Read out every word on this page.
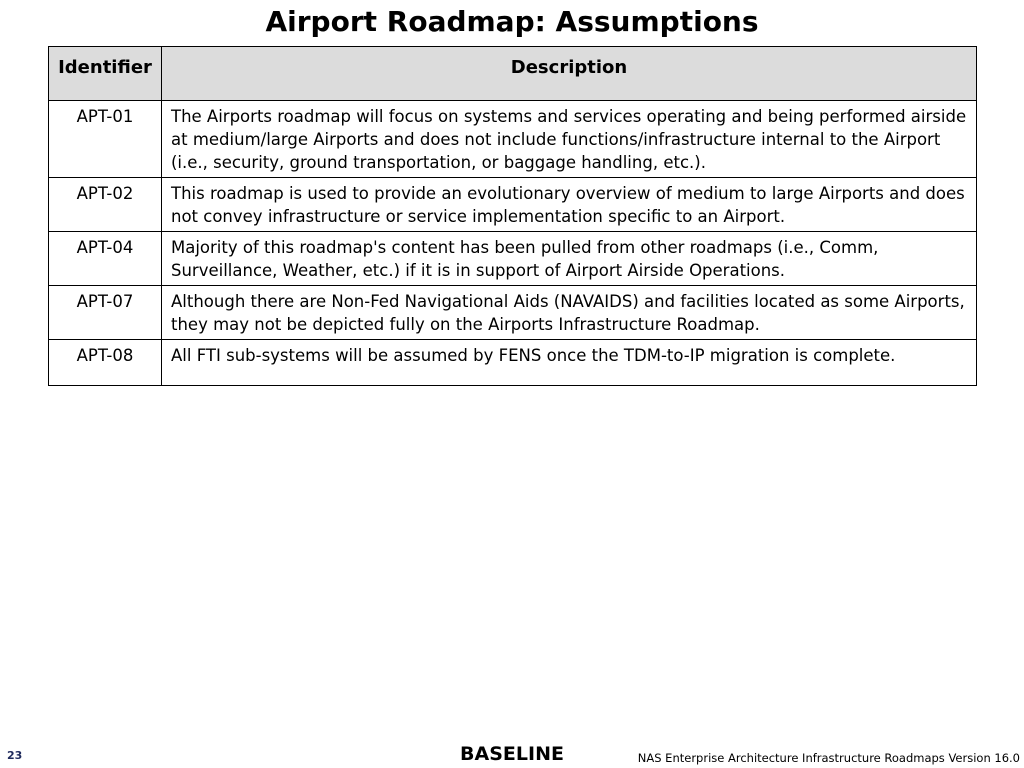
Airport Roadmap: Assumptions
Identifier	Description
APT-01	The Airports roadmap will focus on systems and services operating and being performed airside at medium/large Airports and does not include functions/infrastructure internal to the Airport (i.e., security, ground transportation, or baggage handling, etc.).
APT-02	This roadmap is used to provide an evolutionary overview of medium to large Airports and does not convey infrastructure or service implementation specific to an Airport.
APT-04	Majority of this roadmap's content has been pulled from other roadmaps (i.e., Comm, Surveillance, Weather, etc.) if it is in support of Airport Airside Operations.
APT-07	Although there are Non-Fed Navigational Aids (NAVAIDS) and facilities located as some Airports, they may not be depicted fully on the Airports Infrastructure Roadmap.
APT-08	All FTI sub-systems will be assumed by FENS once the TDM-to-IP migration is complete.
23	BASELINE	NAS Enterprise Architecture Infrastructure Roadmaps Version 16.0
